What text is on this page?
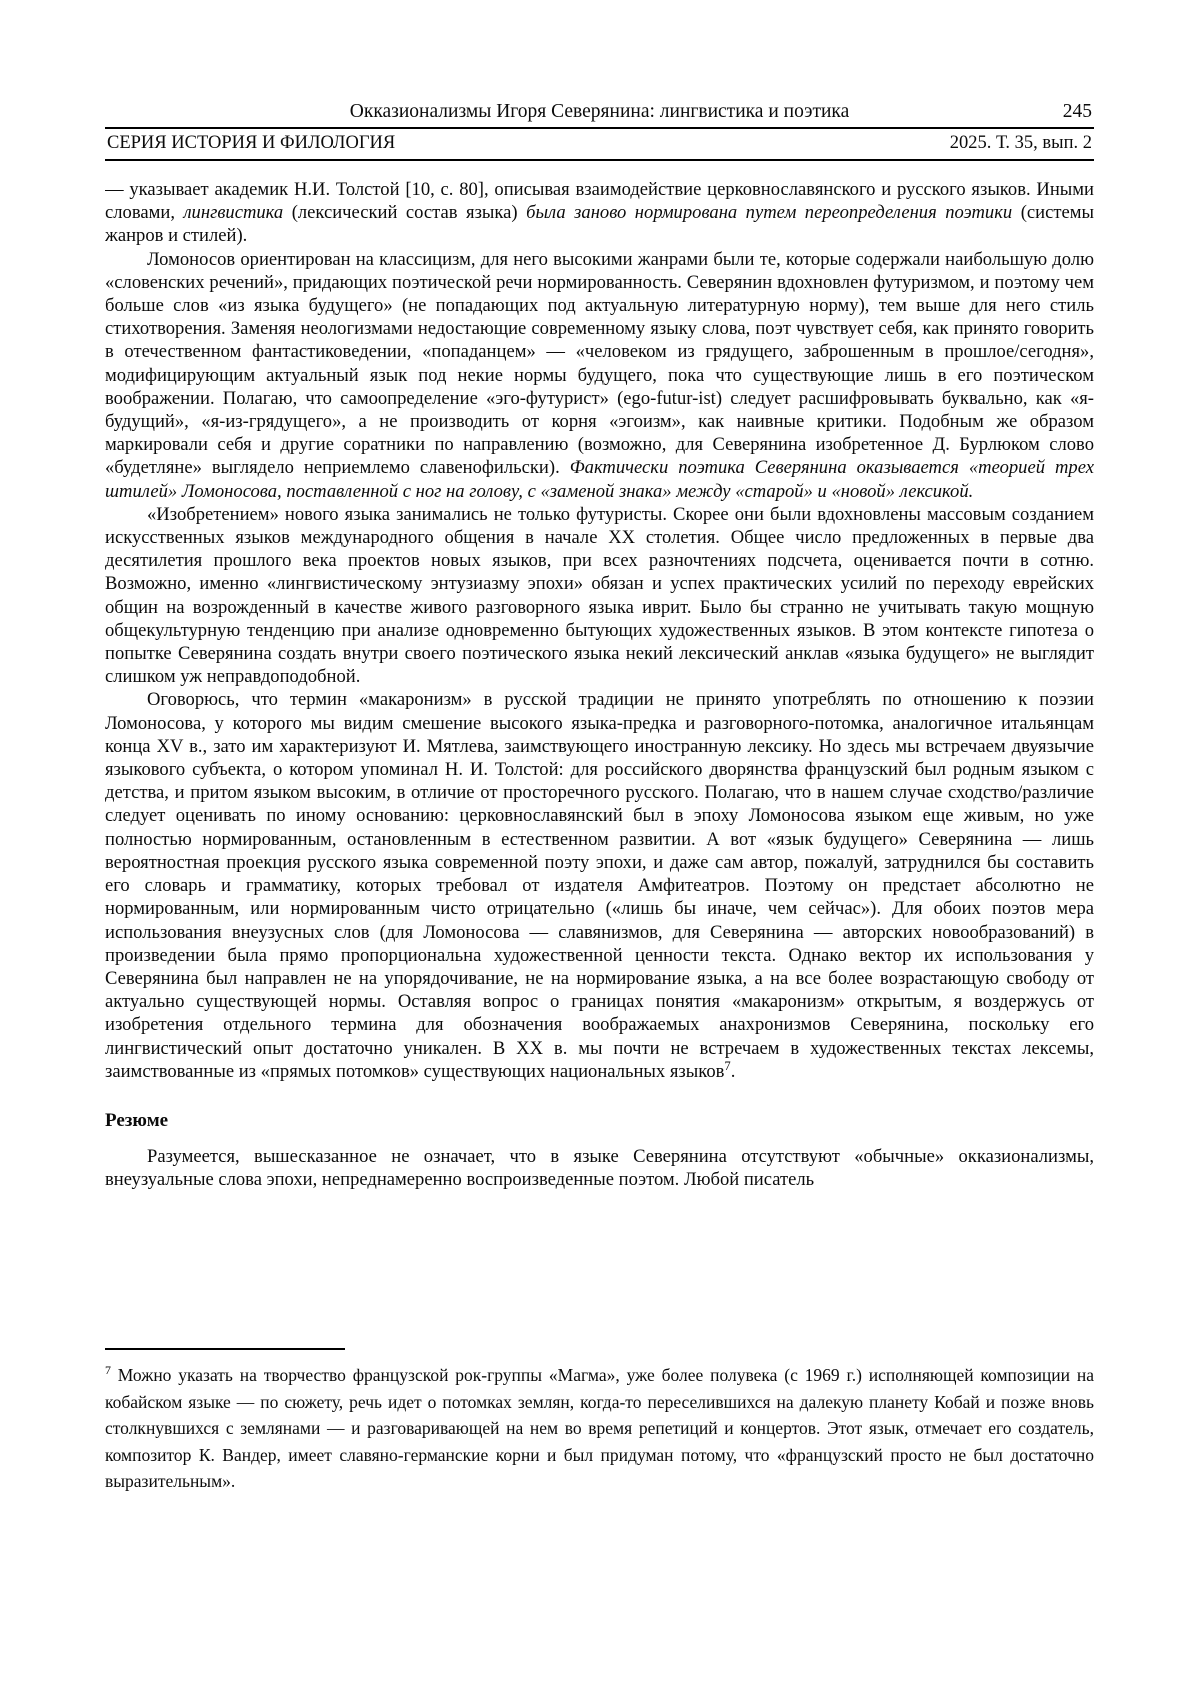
Окказионализмы Игоря Северянина: лингвистика и поэтика	245
СЕРИЯ ИСТОРИЯ И ФИЛОЛОГИЯ	2025. Т. 35, вып. 2

— указывает академик Н.И. Толстой [10, с. 80], описывая взаимодействие церковнославянского и русского языков. Иными словами, лингвистика (лексический состав языка) была заново нормирована путем переопределения поэтики (системы жанров и стилей).

Ломоносов ориентирован на классицизм, для него высокими жанрами были те, которые содержали наибольшую долю «словенских речений», придающих поэтической речи нормированность. Северянин вдохновлен футуризмом, и поэтому чем больше слов «из языка будущего» (не попадающих под актуальную литературную норму), тем выше для него стиль стихотворения. Заменяя неологизмами недостающие современному языку слова, поэт чувствует себя, как принято говорить в отечественном фантастиковедении, «попаданцем» — «человеком из грядущего, заброшенным в прошлое/сегодня», модифицирующим актуальный язык под некие нормы будущего, пока что существующие лишь в его поэтическом воображении. Полагаю, что самоопределение «эго-футурист» (ego-futur-ist) следует расшифровывать буквально, как «я-будущий», «я-из-грядущего», а не производить от корня «эгоизм», как наивные критики. Подобным же образом маркировали себя и другие соратники по направлению (возможно, для Северянина изобретенное Д. Бурлюком слово «будетляне» выглядело неприемлемо славенофильски). Фактически поэтика Северянина оказывается «теорией трех штилей» Ломоносова, поставленной с ног на голову, с «заменой знака» между «старой» и «новой» лексикой.

«Изобретением» нового языка занимались не только футуристы. Скорее они были вдохновлены массовым созданием искусственных языков международного общения в начале XX столетия. Общее число предложенных в первые два десятилетия прошлого века проектов новых языков, при всех разночтениях подсчета, оценивается почти в сотню. Возможно, именно «лингвистическому энтузиазму эпохи» обязан и успех практических усилий по переходу еврейских общин на возрожденный в качестве живого разговорного языка иврит. Было бы странно не учитывать такую мощную общекультурную тенденцию при анализе одновременно бытующих художественных языков. В этом контексте гипотеза о попытке Северянина создать внутри своего поэтического языка некий лексический анклав «языка будущего» не выглядит слишком уж неправдоподобной.

Оговорюсь, что термин «макаронизм» в русской традиции не принято употреблять по отношению к поэзии Ломоносова, у которого мы видим смешение высокого языка-предка и разговорного-потомка, аналогичное итальянцам конца XV в., зато им характеризуют И. Мятлева, заимствующего иностранную лексику. Но здесь мы встречаем двуязычие языкового субъекта, о котором упоминал Н. И. Толстой: для российского дворянства французский был родным языком с детства, и притом языком высоким, в отличие от просторечного русского. Полагаю, что в нашем случае сходство/различие следует оценивать по иному основанию: церковнославянский был в эпоху Ломоносова языком еще живым, но уже полностью нормированным, остановленным в естественном развитии. А вот «язык будущего» Северянина — лишь вероятностная проекция русского языка современной поэту эпохи, и даже сам автор, пожалуй, затруднился бы составить его словарь и грамматику, которых требовал от издателя Амфитеатров. Поэтому он предстает абсолютно не нормированным, или нормированным чисто отрицательно («лишь бы иначе, чем сейчас»). Для обоих поэтов мера использования внеузусных слов (для Ломоносова — славянизмов, для Северянина — авторских новообразований) в произведении была прямо пропорциональна художественной ценности текста. Однако вектор их использования у Северянина был направлен не на упорядочивание, не на нормирование языка, а на все более возрастающую свободу от актуально существующей нормы. Оставляя вопрос о границах понятия «макаронизм» открытым, я воздержусь от изобретения отдельного термина для обозначения воображаемых анахронизмов Северянина, поскольку его лингвистический опыт достаточно уникален. В XX в. мы почти не встречаем в художественных текстах лексемы, заимствованные из «прямых потомков» существующих национальных языков$^7$.

Резюме

Разумеется, вышесказанное не означает, что в языке Северянина отсутствуют «обычные» окказионализмы, внеузуальные слова эпохи, непреднамеренно воспроизведенные поэтом. Любой писатель

$^7$ Можно указать на творчество французской рок-группы «Магма», уже более полувека (с 1969 г.) исполняющей композиции на кобайском языке — по сюжету, речь идет о потомках землян, когда-то переселившихся на далекую планету Кобай и позже вновь столкнувшихся с землянами — и разговаривающей на нем во время репетиций и концертов. Этот язык, отмечает его создатель, композитор К. Вандер, имеет славяно-германские корни и был придуман потому, что «французский просто не был достаточно выразительным».
